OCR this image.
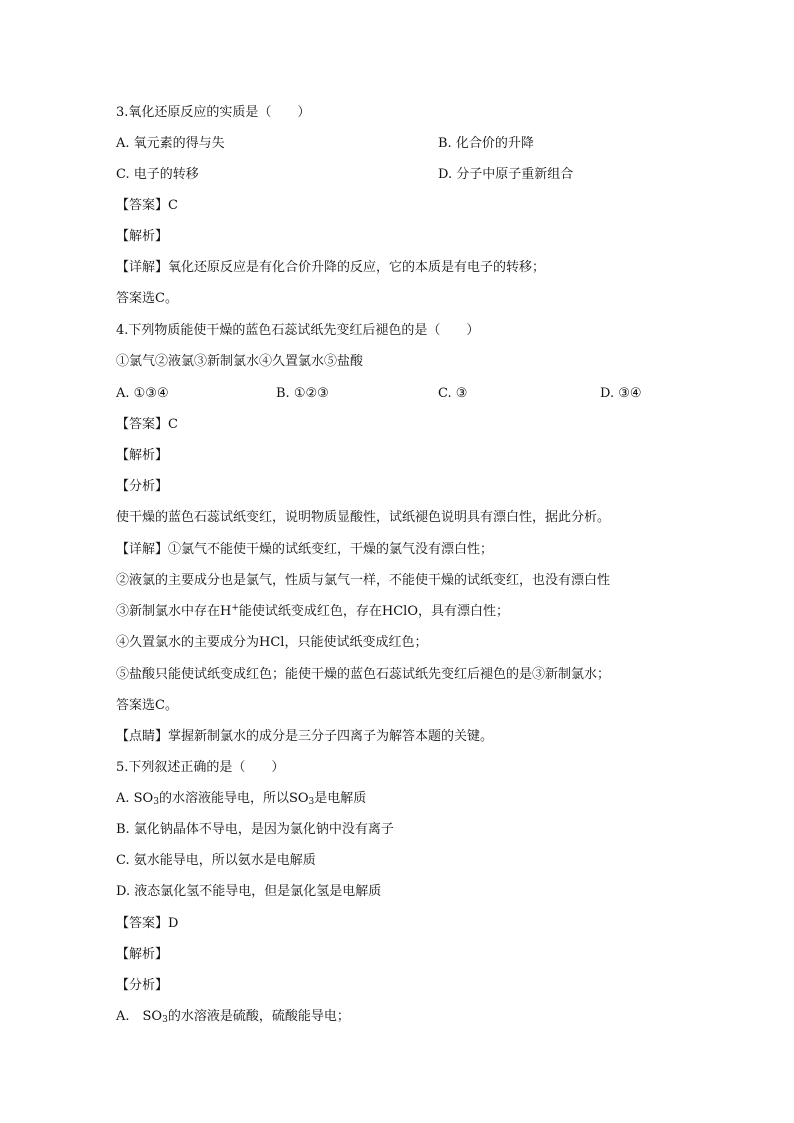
3.氧化还原反应的实质是（　　）
A. 氧元素的得与失	B. 化合价的升降
C. 电子的转移	D. 分子中原子重新组合
【答案】C
【解析】
【详解】氧化还原反应是有化合价升降的反应，它的本质是有电子的转移；
答案选C。
4.下列物质能使干燥的蓝色石蕊试纸先变红后褪色的是（　　）
①氯气②液氯③新制氯水④久置氯水⑤盐酸
A. ①③④	B. ①②③	C. ③	D. ③④
【答案】C
【解析】
【分析】
使干燥的蓝色石蕊试纸变红，说明物质显酸性，试纸褪色说明具有漂白性，据此分析。
【详解】①氯气不能使干燥的试纸变红，干燥的氯气没有漂白性；
②液氯的主要成分也是氯气，性质与氯气一样，不能使干燥的试纸变红，也没有漂白性
③新制氯水中存在H+能使试纸变成红色，存在HClO，具有漂白性；
④久置氯水的主要成分为HCl，只能使试纸变成红色；
⑤盐酸只能使试纸变成红色；能使干燥的蓝色石蕊试纸先变红后褪色的是③新制氯水；
答案选C。
【点睛】掌握新制氯水的成分是三分子四离子为解答本题的关键。
5.下列叙述正确的是（　　）
A. $SO_3$的水溶液能导电，所以$SO_3$是电解质
B. 氯化钠晶体不导电，是因为氯化钠中没有离子
C. 氨水能导电，所以氨水是电解质
D. 液态氯化氢不能导电，但是氯化氢是电解质
【答案】D
【解析】
【分析】
A.　$SO_3$的水溶液是硫酸，硫酸能导电；
